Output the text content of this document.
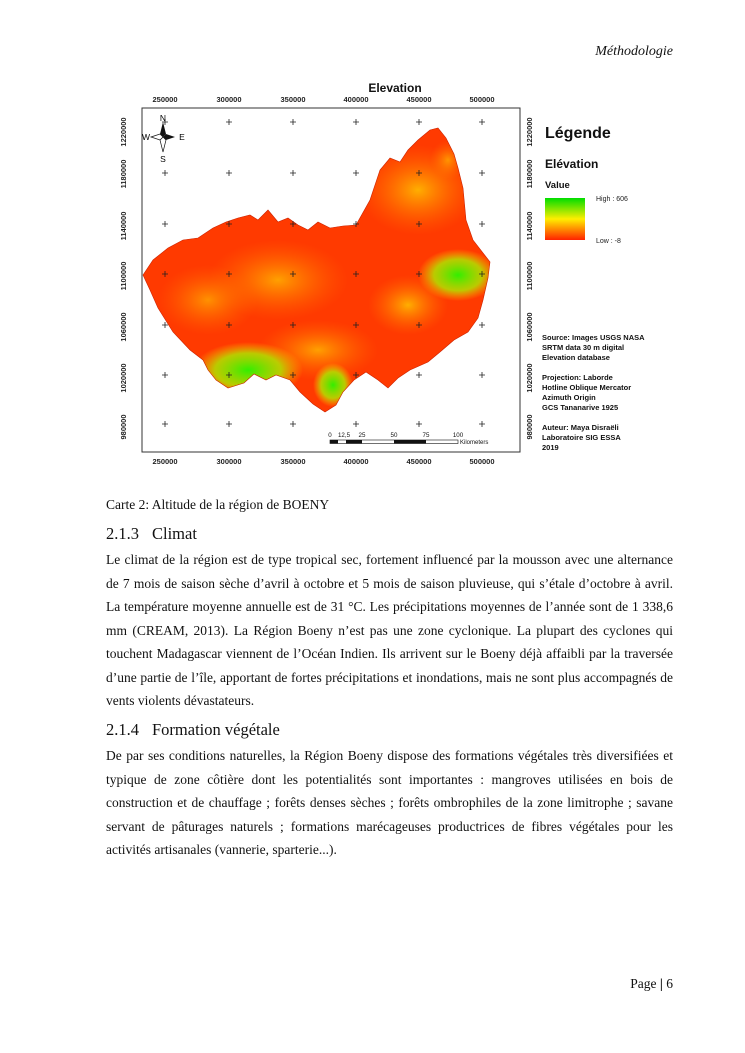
Méthodologie
Elevation
250000	300000	350000	400000	450000	500000
250000	300000	350000	400000	450000	500000
1220000
1180000
1140000
1100000
1060000
1020000
980000
1220000
1180000
1140000
1100000
1060000
1020000
980000
N
S
W	E
0 12,5 25	50	75	100
Kilometers
Légende
Elévation
Value
High : 606
Low : -8
Source: Images USGS NASA
SRTM data 30 m digital
Elevation database
Projection: Laborde
Hotline Oblique Mercator
Azimuth Origin
GCS Tananarive 1925
Auteur: Maya Disraëli
Laboratoire SIG ESSA
2019
Carte 2: Altitude de la région de BOENY
2.1.3 Climat

Le climat de la région est de type tropical sec, fortement influencé par la mousson avec une alternance de 7 mois de saison sèche d’avril à octobre et 5 mois de saison pluvieuse, qui s’étale d’octobre à avril. La température moyenne annuelle est de 31 °C. Les précipitations moyennes de l’année sont de 1 338,6 mm (CREAM, 2013). La Région Boeny n’est pas une zone cyclonique. La plupart des cyclones qui touchent Madagascar viennent de l’Océan Indien. Ils arrivent sur le Boeny déjà affaibli par la traversée d’une partie de l’île, apportant de fortes précipitations et inondations, mais ne sont plus accompagnés de vents violents dévastateurs.

2.1.4 Formation végétale

De par ses conditions naturelles, la Région Boeny dispose des formations végétales très diversifiées et typique de zone côtière dont les potentialités sont importantes : mangroves utilisées en bois de construction et de chauffage ; forêts denses sèches ; forêts ombrophiles de la zone limitrophe ; savane servant de pâturages naturels ; formations marécageuses productrices de fibres végétales pour les activités artisanales (vannerie, sparterie...).

Page | 6
